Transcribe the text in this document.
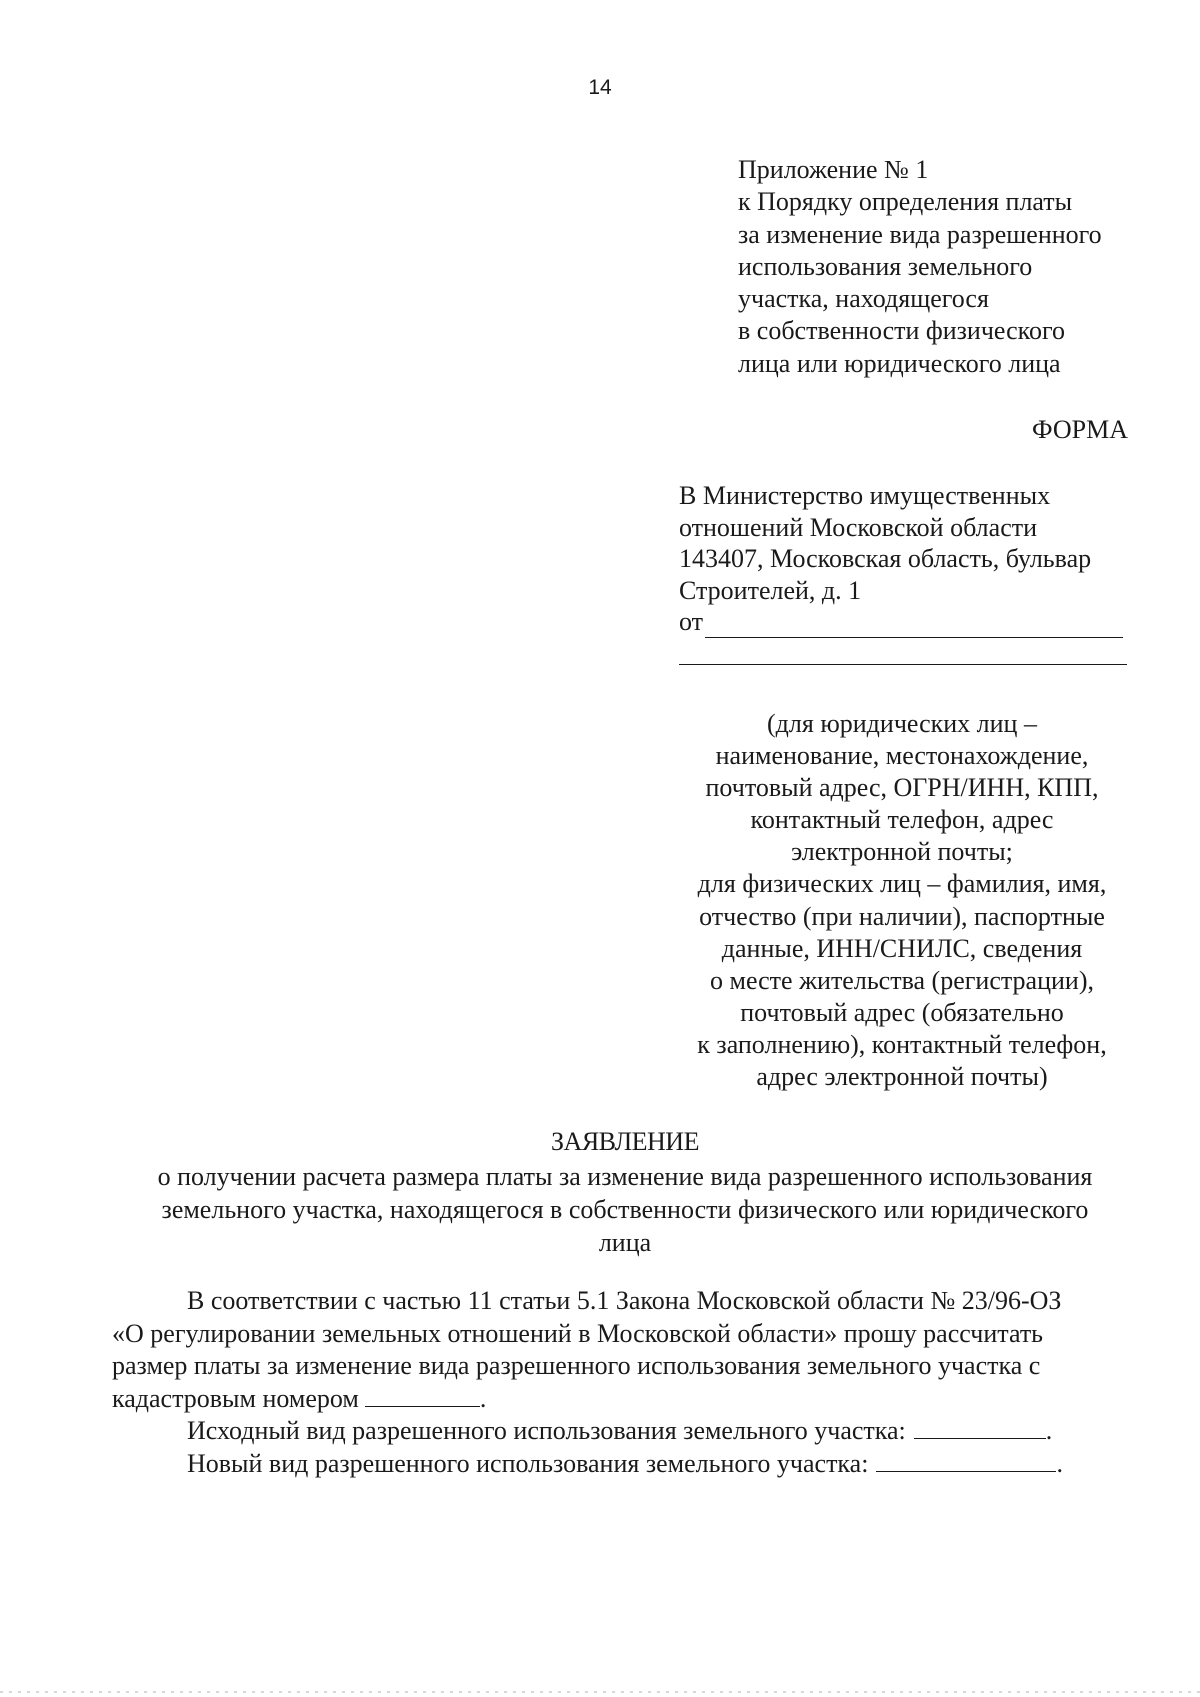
14
Приложение № 1
к Порядку определения платы
за изменение вида разрешенного
использования земельного
участка, находящегося
в собственности физического
лица или юридического лица
ФОРМА
В Министерство имущественных
отношений Московской области
143407, Московская область, бульвар
Строителей, д. 1
от
(для юридических лиц –
наименование, местонахождение,
почтовый адрес, ОГРН/ИНН, КПП,
контактный телефон, адрес
электронной почты;
для физических лиц – фамилия, имя,
отчество (при наличии), паспортные
данные, ИНН/СНИЛС, сведения
о месте жительства (регистрации),
почтовый адрес (обязательно
к заполнению), контактный телефон,
адрес электронной почты)
ЗАЯВЛЕНИЕ
о получении расчета размера платы за изменение вида разрешенного использования
земельного участка, находящегося в собственности физического или юридического
лица
В соответствии с частью 11 статьи 5.1 Закона Московской области № 23/96-ОЗ
«О регулировании земельных отношений в Московской области» прошу рассчитать
размер платы за изменение вида разрешенного использования земельного участка с
кадастровым номером	.
Исходный вид разрешенного использования земельного участка:	.
Новый вид разрешенного использования земельного участка:	.
